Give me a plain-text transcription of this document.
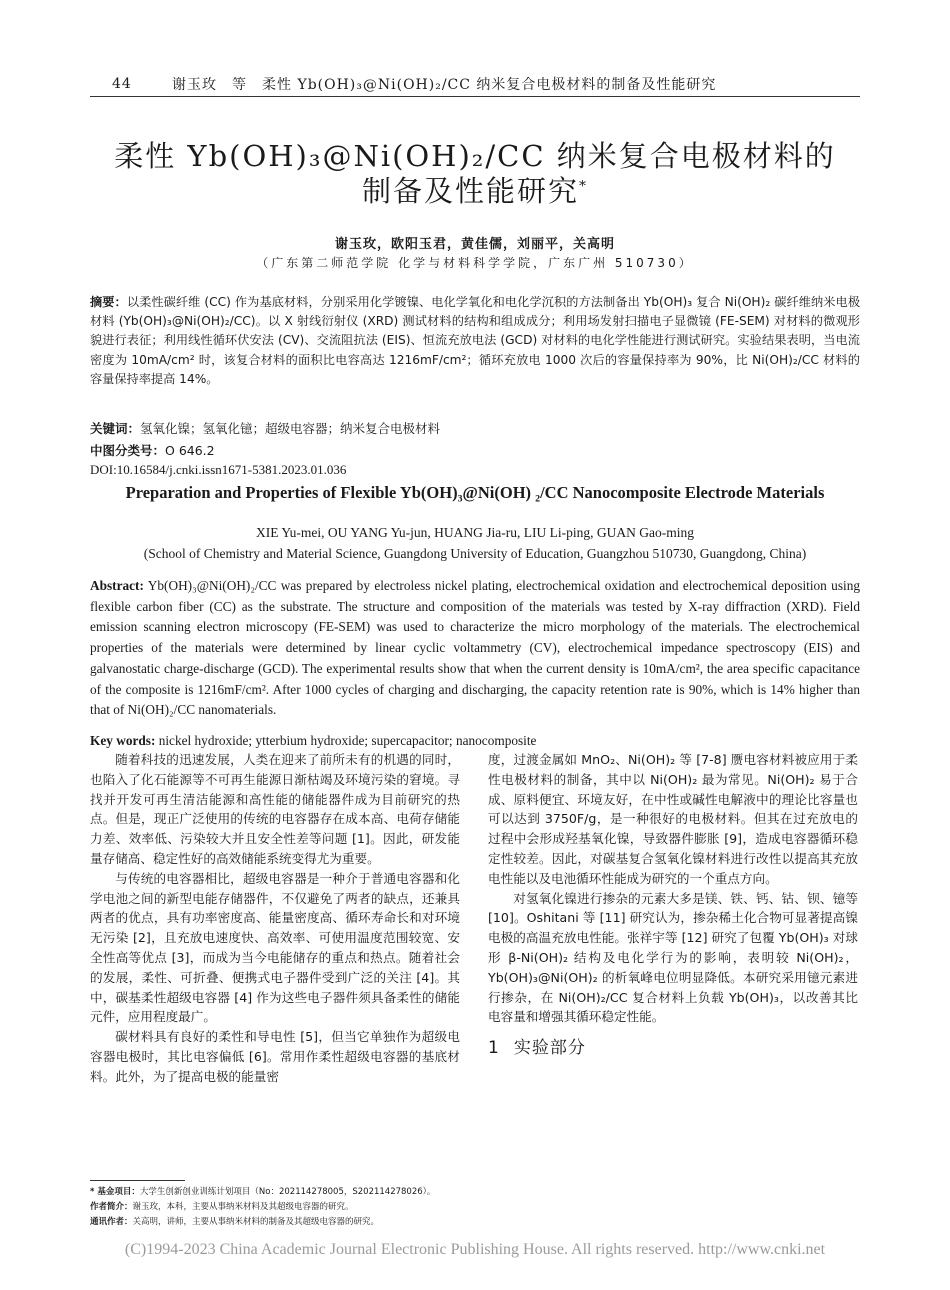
44	谢玉玫　等　柔性 Yb(OH)₃@Ni(OH)₂/CC 纳米复合电极材料的制备及性能研究
柔性 Yb(OH)₃@Ni(OH)₂/CC 纳米复合电极材料的
制备及性能研究*
谢玉玫，欧阳玉君，黄佳儒，刘丽平，关高明
（广东第二师范学院 化学与材料科学学院，广东广州 510730）
摘要：以柔性碳纤维 (CC) 作为基底材料，分别采用化学镀镍、电化学氧化和电化学沉积的方法制备出 Yb(OH)₃ 复合 Ni(OH)₂ 碳纤维纳米电极材料 (Yb(OH)₃@Ni(OH)₂/CC)。以 X 射线衍射仪 (XRD) 测试材料的结构和组成成分；利用场发射扫描电子显微镜 (FE-SEM) 对材料的微观形貌进行表征；利用线性循环伏安法 (CV)、交流阻抗法 (EIS)、恒流充放电法 (GCD) 对材料的电化学性能进行测试研究。实验结果表明，当电流密度为 10mA/cm² 时，该复合材料的面积比电容高达 1216mF/cm²；循环充放电 1000 次后的容量保持率为 90%，比 Ni(OH)₂/CC 材料的容量保持率提高 14%。
关键词：氢氧化镍；氢氧化镱；超级电容器；纳米复合电极材料
中图分类号：O 646.2
DOI:10.16584/j.cnki.issn1671-5381.2023.01.036
Preparation and Properties of Flexible Yb(OH)₃@Ni(OH) ₂/CC Nanocomposite Electrode Materials
XIE Yu-mei, OU YANG Yu-jun, HUANG Jia-ru, LIU Li-ping, GUAN Gao-ming
(School of Chemistry and Material Science, Guangdong University of Education, Guangzhou 510730, Guangdong, China)
Abstract: Yb(OH)₃@Ni(OH)₂/CC was prepared by electroless nickel plating, electrochemical oxidation and electrochemical deposition using flexible carbon fiber (CC) as the substrate. The structure and composition of the materials was tested by X-ray diffraction (XRD). Field emission scanning electron microscopy (FE-SEM) was used to characterize the micro morphology of the materials. The electrochemical properties of the materials were determined by linear cyclic voltammetry (CV), electrochemical impedance spectroscopy (EIS) and galvanostatic charge-discharge (GCD). The experimental results show that when the current density is 10mA/cm², the area specific capacitance of the composite is 1216mF/cm². After 1000 cycles of charging and discharging, the capacity retention rate is 90%, which is 14% higher than that of Ni(OH)₂/CC nanomaterials.
Key words: nickel hydroxide; ytterbium hydroxide; supercapacitor; nanocomposite

随着科技的迅速发展，人类在迎来了前所未有的机遇的同时，也陷入了化石能源等不可再生能源日渐枯竭及环境污染的窘境。寻找并开发可再生清洁能源和高性能的储能器件成为目前研究的热点。但是，现正广泛使用的传统的电容器存在成本高、电荷存储能力差、效率低、污染较大并且安全性差等问题 [1]。因此，研发能量存储高、稳定性好的高效储能系统变得尤为重要。

与传统的电容器相比，超级电容器是一种介于普通电容器和化学电池之间的新型电能存储器件，不仅避免了两者的缺点，还兼具两者的优点，具有功率密度高、能量密度高、循环寿命长和对环境无污染 [2]，且充放电速度快、高效率、可使用温度范围较宽、安全性高等优点 [3]，而成为当今电能储存的重点和热点。随着社会的发展，柔性、可折叠、便携式电子器件受到广泛的关注 [4]。其中，碳基柔性超级电容器 [4] 作为这些电子器件须具备柔性的储能元件，应用程度最广。

碳材料具有良好的柔性和导电性 [5]，但当它单独作为超级电容器电极时，其比电容偏低 [6]。常用作柔性超级电容器的基底材料。此外，为了提高电极的能量密

度，过渡金属如 MnO₂、Ni(OH)₂ 等 [7-8] 赝电容材料被应用于柔性电极材料的制备，其中以 Ni(OH)₂ 最为常见。Ni(OH)₂ 易于合成、原料便宜、环境友好，在中性或碱性电解液中的理论比容量也可以达到 3750F/g，是一种很好的电极材料。但其在过充放电的过程中会形成羟基氧化镍，导致器件膨胀 [9]，造成电容器循环稳定性较差。因此，对碳基复合氢氧化镍材料进行改性以提高其充放电性能以及电池循环性能成为研究的一个重点方向。

对氢氧化镍进行掺杂的元素大多是镁、铁、钙、钴、钡、镱等 [10]。Oshitani 等 [11] 研究认为，掺杂稀土化合物可显著提高镍电极的高温充放电性能。张祥宇等 [12] 研究了包覆 Yb(OH)₃ 对球形 β-Ni(OH)₂ 结构及电化学行为的影响，表明较 Ni(OH)₂，Yb(OH)₃@Ni(OH)₂ 的析氧峰电位明显降低。本研究采用镱元素进行掺杂，在 Ni(OH)₂/CC 复合材料上负载 Yb(OH)₃，以改善其比电容量和增强其循环稳定性能。

1 实验部分
* 基金项目：大学生创新创业训练计划项目（No：202114278005，S202114278026）。
作者简介：谢玉玫，本科，主要从事纳米材料及其超级电容器的研究。
通讯作者：关高明，讲师，主要从事纳米材料的制备及其超级电容器的研究。
(C)1994-2023 China Academic Journal Electronic Publishing House. All rights reserved. http://www.cnki.net
